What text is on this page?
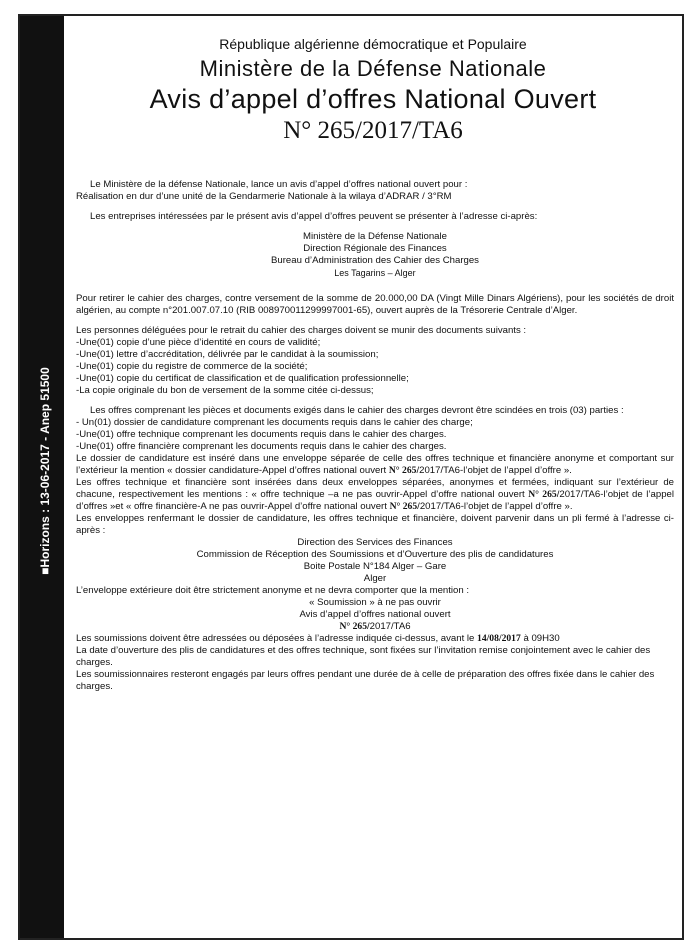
■Horizons : 13-06-2017 - Anep 51500
République algérienne démocratique et Populaire
Ministère de la Défense Nationale
Avis d’appel d’offres National Ouvert
N° 265/2017/TA6

Le Ministère de la défense Nationale, lance un avis d’appel d’offres national ouvert pour :

Réalisation en dur d’une unité de la Gendarmerie Nationale à la wilaya d’ADRAR / 3°RM

Les entreprises intéressées par le présent avis d’appel d’offres peuvent se présenter à l’adresse ci-après:

Ministère de la Défense Nationale

Direction Régionale des Finances

Bureau d’Administration des Cahier des Charges

Les Tagarins – Alger

Pour retirer le cahier des charges, contre versement de la somme de 20.000,00 DA (Vingt Mille Dinars Algériens), pour les sociétés de droit algérien, au compte n°201.007.07.10 (RIB 008970011299997001-65), ouvert auprès de la Trésorerie Centrale d’Alger.

Les personnes déléguées pour le retrait du cahier des charges doivent se munir des documents suivants :

-Une(01) copie d’une pièce d’identité en cours de validité;

-Une(01) lettre d’accréditation, délivrée par le candidat à la soumission;

-Une(01) copie du registre de commerce de la société;

-Une(01) copie du certificat de classification et de qualification professionnelle;

-La copie originale du bon de versement de la somme citée ci-dessus;

Les offres comprenant les pièces et documents exigés dans le cahier des charges devront être scindées en trois (03) parties :

- Un(01) dossier de candidature comprenant les documents requis dans le cahier des charge;

-Une(01) offre technique comprenant les documents requis dans le cahier des charges.

-Une(01) offre financière comprenant les documents requis dans le cahier des charges.

Le dossier de candidature est inséré dans une enveloppe séparée de celle des offres technique et financière anonyme et comportant sur l’extérieur la mention « dossier candidature-Appel d’offres national ouvert N° 265/2017/TA6-l’objet de l’appel d’offre ».

Les offres technique et financière sont insérées dans deux enveloppes séparées, anonymes et fermées, indiquant sur l’extérieur de chacune, respectivement les mentions : « offre technique –a ne pas ouvrir-Appel d’offre national ouvert N° 265/2017/TA6-l’objet de l’appel d’offres »et « offre financière-A ne pas ouvrir-Appel d’offre national ouvert N° 265/2017/TA6-l’objet de l’appel d’offre ».

Les enveloppes renfermant le dossier de candidature, les offres technique et financière, doivent parvenir dans un pli fermé à l’adresse ci-après :

Direction des Services des Finances

Commission de Réception des Soumissions et d’Ouverture des plis de candidatures

Boite Postale N°184 Alger – Gare

Alger

L’enveloppe extérieure doit être strictement anonyme et ne devra comporter que la mention :

« Soumission » à ne pas ouvrir

Avis d’appel d’offres national ouvert

N° 265/2017/TA6

Les soumissions doivent être adressées ou déposées à l’adresse indiquée ci-dessus, avant le 14/08/2017 à 09H30

La date d’ouverture des plis de candidatures et des offres technique, sont fixées sur l’invitation remise conjointement avec le cahier des charges.

Les soumissionnaires resteront engagés par leurs offres pendant une durée de à celle de préparation des offres fixée dans le cahier des charges.
